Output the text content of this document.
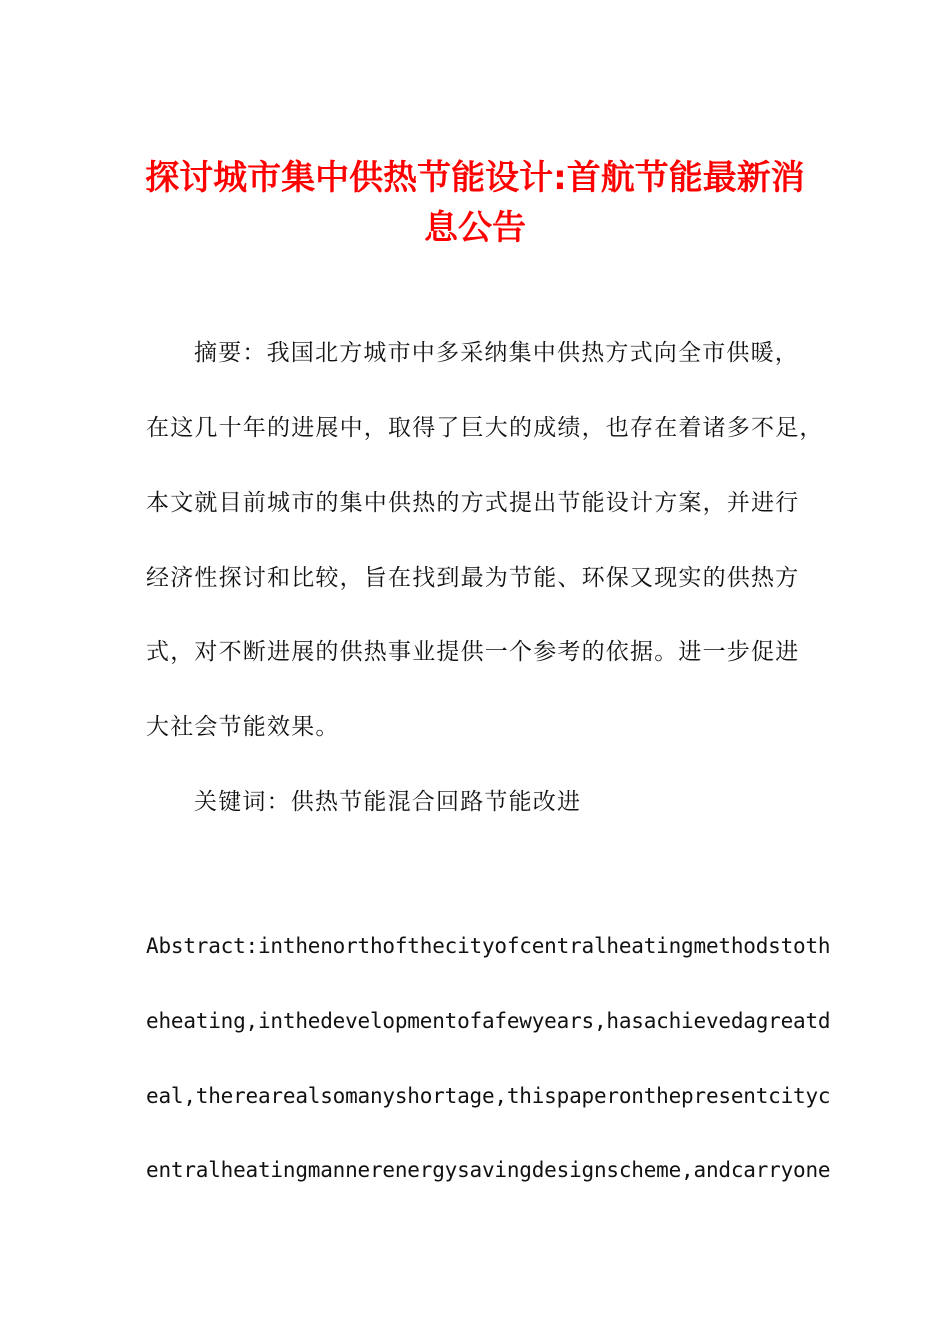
探讨城市集中供热节能设计:首航节能最新消
息公告

摘要：我国北方城市中多采纳集中供热方式向全市供暖，

在这几十年的进展中，取得了巨大的成绩，也存在着诸多不足，

本文就目前城市的集中供热的方式提出节能设计方案，并进行

经济性探讨和比较，旨在找到最为节能、环保又现实的供热方

式，对不断进展的供热事业提供一个参考的依据。进一步促进

大社会节能效果。

关键词：供热节能混合回路节能改进

Abstract:inthenorthofthecityofcentralheatingmethodstoth

eheating,inthedevelopmentofafewyears,hasachievedagreatd

eal,therearealsomanyshortage,thispaperonthepresentcityc

entralheatingmannerenergysavingdesignscheme,andcarryone
